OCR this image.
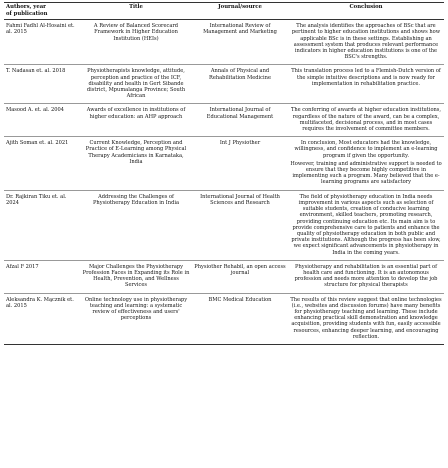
Authors, year
of publication	Title	Journal/source	Conclusion
Fahmi Fadhl Al-Hosaini et. al. 2015	A Review of Balanced Scorecard Framework in Higher Education Institution (HEIs)	International Review of Management and Marketing	The analysis identifies the approaches of BSc that are pertinent to higher education institutions and shows how applicable BSc is in these settings. Establishing an assessment system that produces relevant performance indicators in higher education institutions is one of the BSC's strengths.

T. Nadasan et. al. 2018	Physiotherapists knowledge, attitude, perception and practice of the ICF, disability and health in Gert Sibande district, Mpumalanga Province; South African	Annals of Physical and Rehabilitation Medicine	This translation process led to a Flemish-Dutch version of the simple intuitive descriptions and is now ready for implementation in rehabilitation practice.

Masood A. et. al. 2004	Awards of excellence in institutions of higher education: an AHP approach	International Journal of Educational Management	The conferring of awards at higher education institutions, regardless of the nature of the award, can be a complex, multifaceted, decisional process, and in most cases requires the involvement of committee members.

Ajith Soman et. al. 2021	Current Knowledge, Perception and Practice of E-Learning among Physical Therapy Academicians in Karnataka, India	Int J Physiother	In conclusion, Most educators had the knowledge, willingness, and confidence to implement an e-learning program if given the opportunity.
However, training and administrative support is needed to ensure that they become highly competitive in implementing such a program. Many believed that the e-learning programs are satisfactory

Dr. Rajkiran Tiku et. al. 2024	Addressing the Challenges of Physiotherapy Education in India	International Journal of Health Sciences and Research	The field of physiotherapy education in India needs improvement in various aspects such as selection of suitable students, creation of conducive learning environment, skilled teachers, promoting research, providing continuing education etc. Its main aim is to provide comprehensive care to patients and enhance the quality of physiotherapy education in both public and private institutions. Although the progress has been slow, we expect significant advancements in physiotherapy in India in the coming years.

Afzal F 2017	Major Challenges the Physiotherapy Profession Faces in Expanding its Role in Health, Prevention, and Wellness Services	Physiother Rehabil, an open access journal	Physiotherapy and rehabilitation is an essential part of health care and functioning. It is an autonomous profession and needs more attention to develop the job structure for physical therapists

Aleksandra K. Mącznik et. al. 2015	Online technology use in physiotherapy teaching and learning: a systematic review of effectiveness and users' perceptions	BMC Medical Education	The results of this review suggest that online technologies (i.e., websites and discussion forums) have many benefits for physiotherapy teaching and learning. These include enhancing practical skill demonstration and knowledge acquisition, providing students with fun, easily accessible resources, enhancing deeper learning, and encouraging reflection.
